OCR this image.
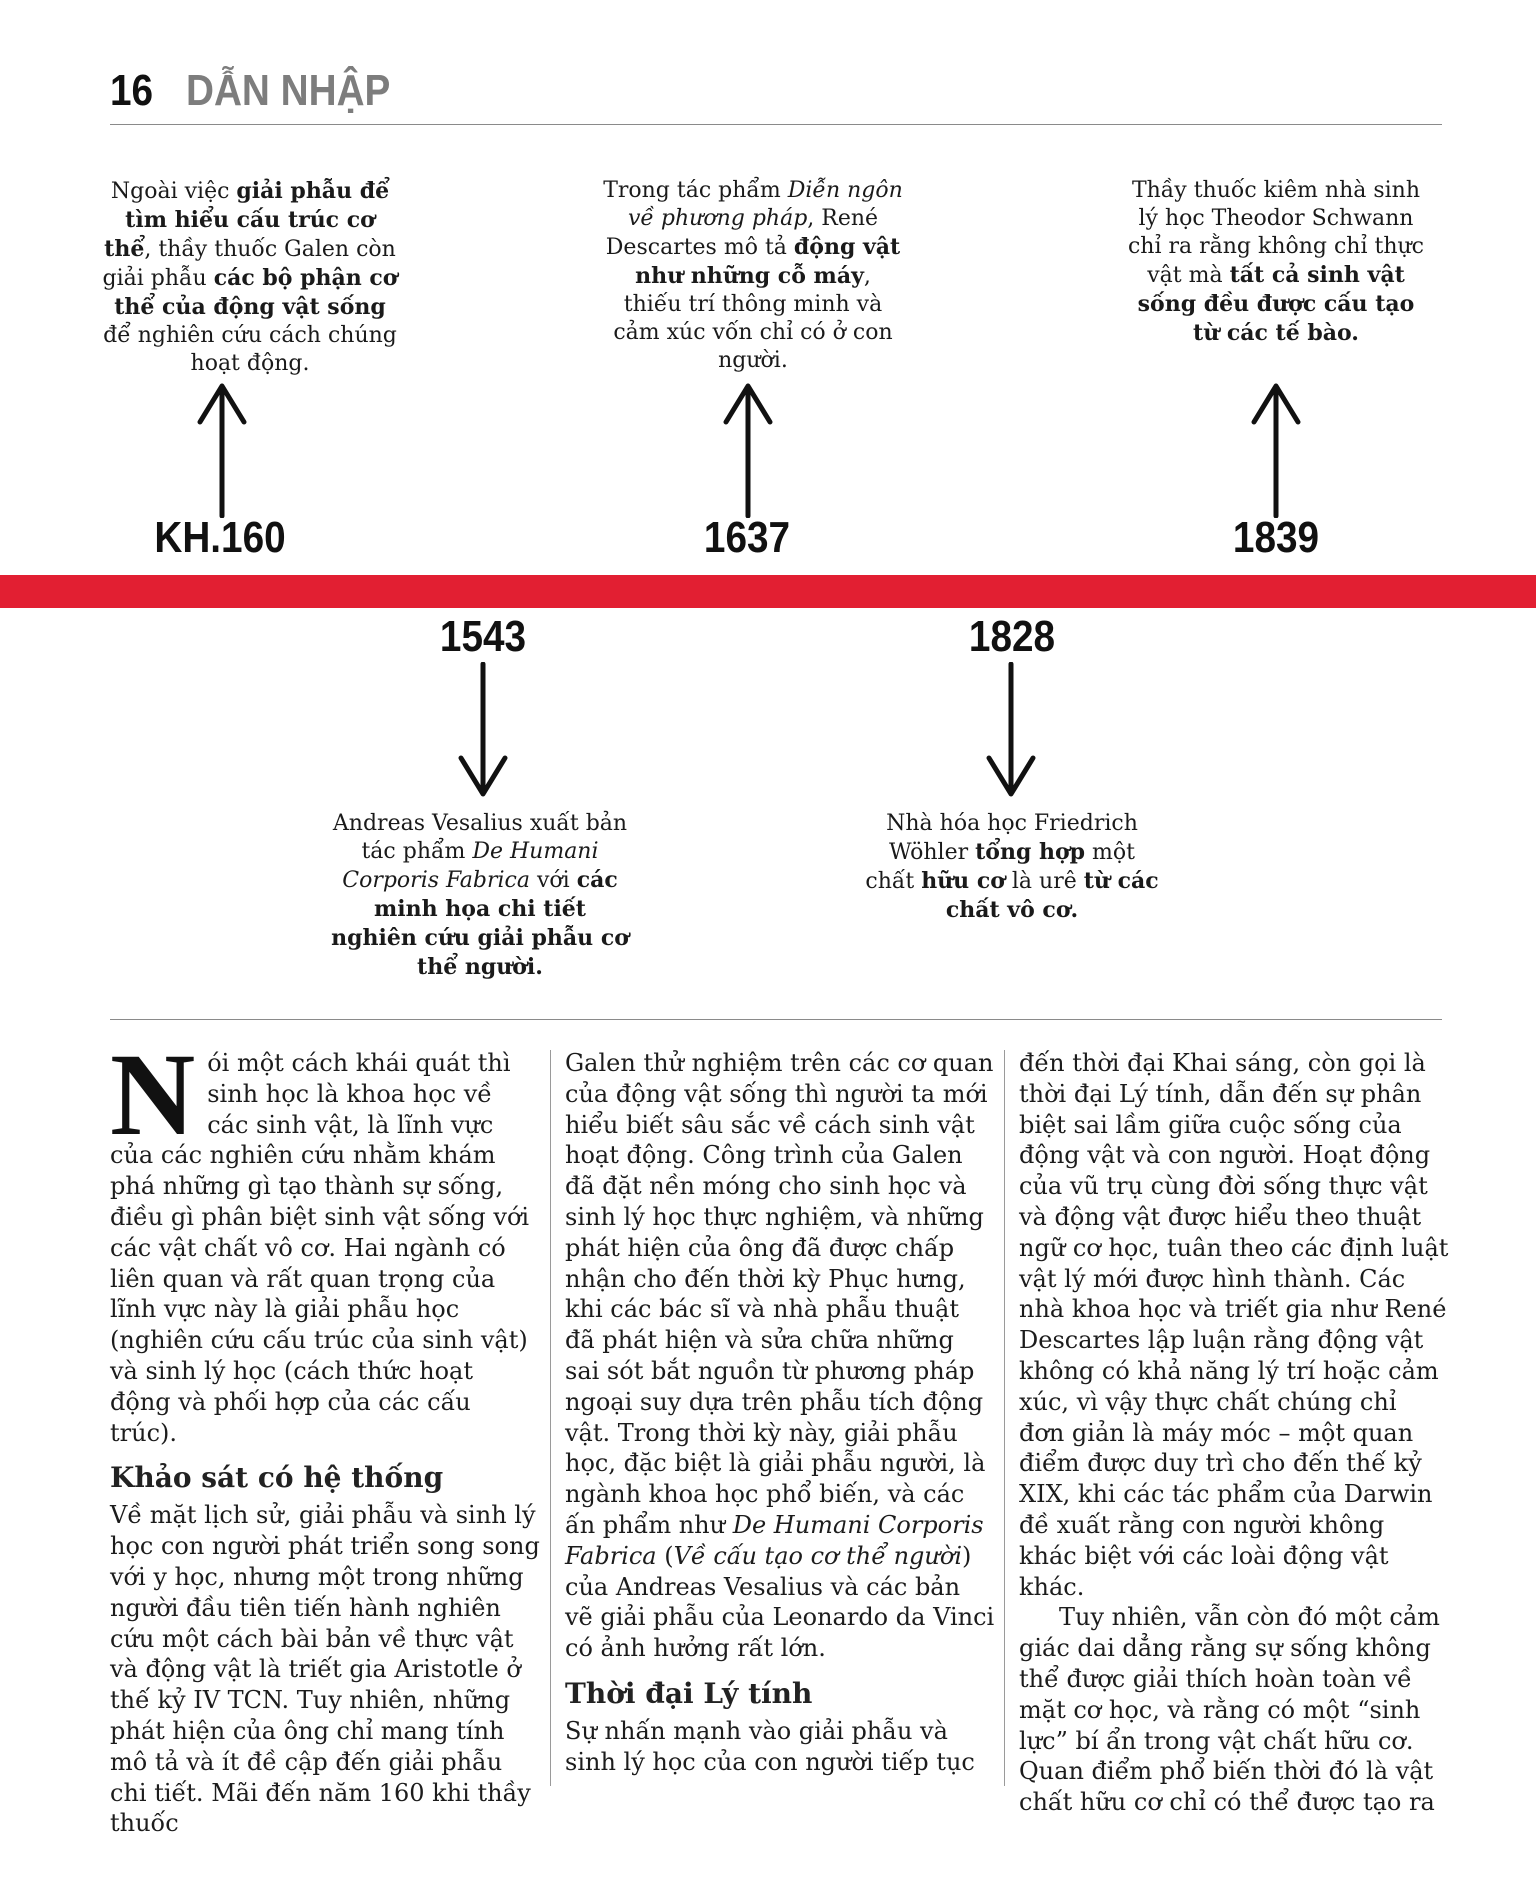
16 DẪN NHẬP
Ngoài việc giải phẫu để tìm hiểu cấu trúc cơ thể, thầy thuốc Galen còn giải phẫu các bộ phận cơ thể của động vật sống để nghiên cứu cách chúng hoạt động.
Trong tác phẩm Diễn ngôn về phương pháp, René Descartes mô tả động vật như những cỗ máy, thiếu trí thông minh và cảm xúc vốn chỉ có ở con người.
Thầy thuốc kiêm nhà sinh lý học Theodor Schwann chỉ ra rằng không chỉ thực vật mà tất cả sinh vật sống đều được cấu tạo từ các tế bào.
KH.160	1637	1839
1543	1828
Andreas Vesalius xuất bản tác phẩm De Humani Corporis Fabrica với các minh họa chi tiết nghiên cứu giải phẫu cơ thể người.
Nhà hóa học Friedrich Wöhler tổng hợp một chất hữu cơ là urê từ các chất vô cơ.
N ói một cách khái quát thì sinh học là khoa học về các sinh vật, là lĩnh vực của các nghiên cứu nhằm khám phá những gì tạo thành sự sống, điều gì phân biệt sinh vật sống với các vật chất vô cơ. Hai ngành có liên quan và rất quan trọng của lĩnh vực này là giải phẫu học (nghiên cứu cấu trúc của sinh vật) và sinh lý học (cách thức hoạt động và phối hợp của các cấu trúc).

Khảo sát có hệ thống

Về mặt lịch sử, giải phẫu và sinh lý học con người phát triển song song với y học, nhưng một trong những người đầu tiên tiến hành nghiên cứu một cách bài bản về thực vật và động vật là triết gia Aristotle ở thế kỷ IV TCN. Tuy nhiên, những phát hiện của ông chỉ mang tính mô tả và ít đề cập đến giải phẫu chi tiết. Mãi đến năm 160 khi thầy thuốc

Galen thử nghiệm trên các cơ quan của động vật sống thì người ta mới hiểu biết sâu sắc về cách sinh vật hoạt động. Công trình của Galen đã đặt nền móng cho sinh học và sinh lý học thực nghiệm, và những phát hiện của ông đã được chấp nhận cho đến thời kỳ Phục hưng, khi các bác sĩ và nhà phẫu thuật đã phát hiện và sửa chữa những sai sót bắt nguồn từ phương pháp ngoại suy dựa trên phẫu tích động vật. Trong thời kỳ này, giải phẫu học, đặc biệt là giải phẫu người, là ngành khoa học phổ biến, và các ấn phẩm như De Humani Corporis Fabrica (Về cấu tạo cơ thể người) của Andreas Vesalius và các bản vẽ giải phẫu của Leonardo da Vinci có ảnh hưởng rất lớn.

Thời đại Lý tính

Sự nhấn mạnh vào giải phẫu và sinh lý học của con người tiếp tục

đến thời đại Khai sáng, còn gọi là thời đại Lý tính, dẫn đến sự phân biệt sai lầm giữa cuộc sống của động vật và con người. Hoạt động của vũ trụ cùng đời sống thực vật và động vật được hiểu theo thuật ngữ cơ học, tuân theo các định luật vật lý mới được hình thành. Các nhà khoa học và triết gia như René Descartes lập luận rằng động vật không có khả năng lý trí hoặc cảm xúc, vì vậy thực chất chúng chỉ đơn giản là máy móc – một quan điểm được duy trì cho đến thế kỷ XIX, khi các tác phẩm của Darwin đề xuất rằng con người không khác biệt với các loài động vật khác.

Tuy nhiên, vẫn còn đó một cảm giác dai dẳng rằng sự sống không thể được giải thích hoàn toàn về mặt cơ học, và rằng có một “sinh lực” bí ẩn trong vật chất hữu cơ. Quan điểm phổ biến thời đó là vật chất hữu cơ chỉ có thể được tạo ra
